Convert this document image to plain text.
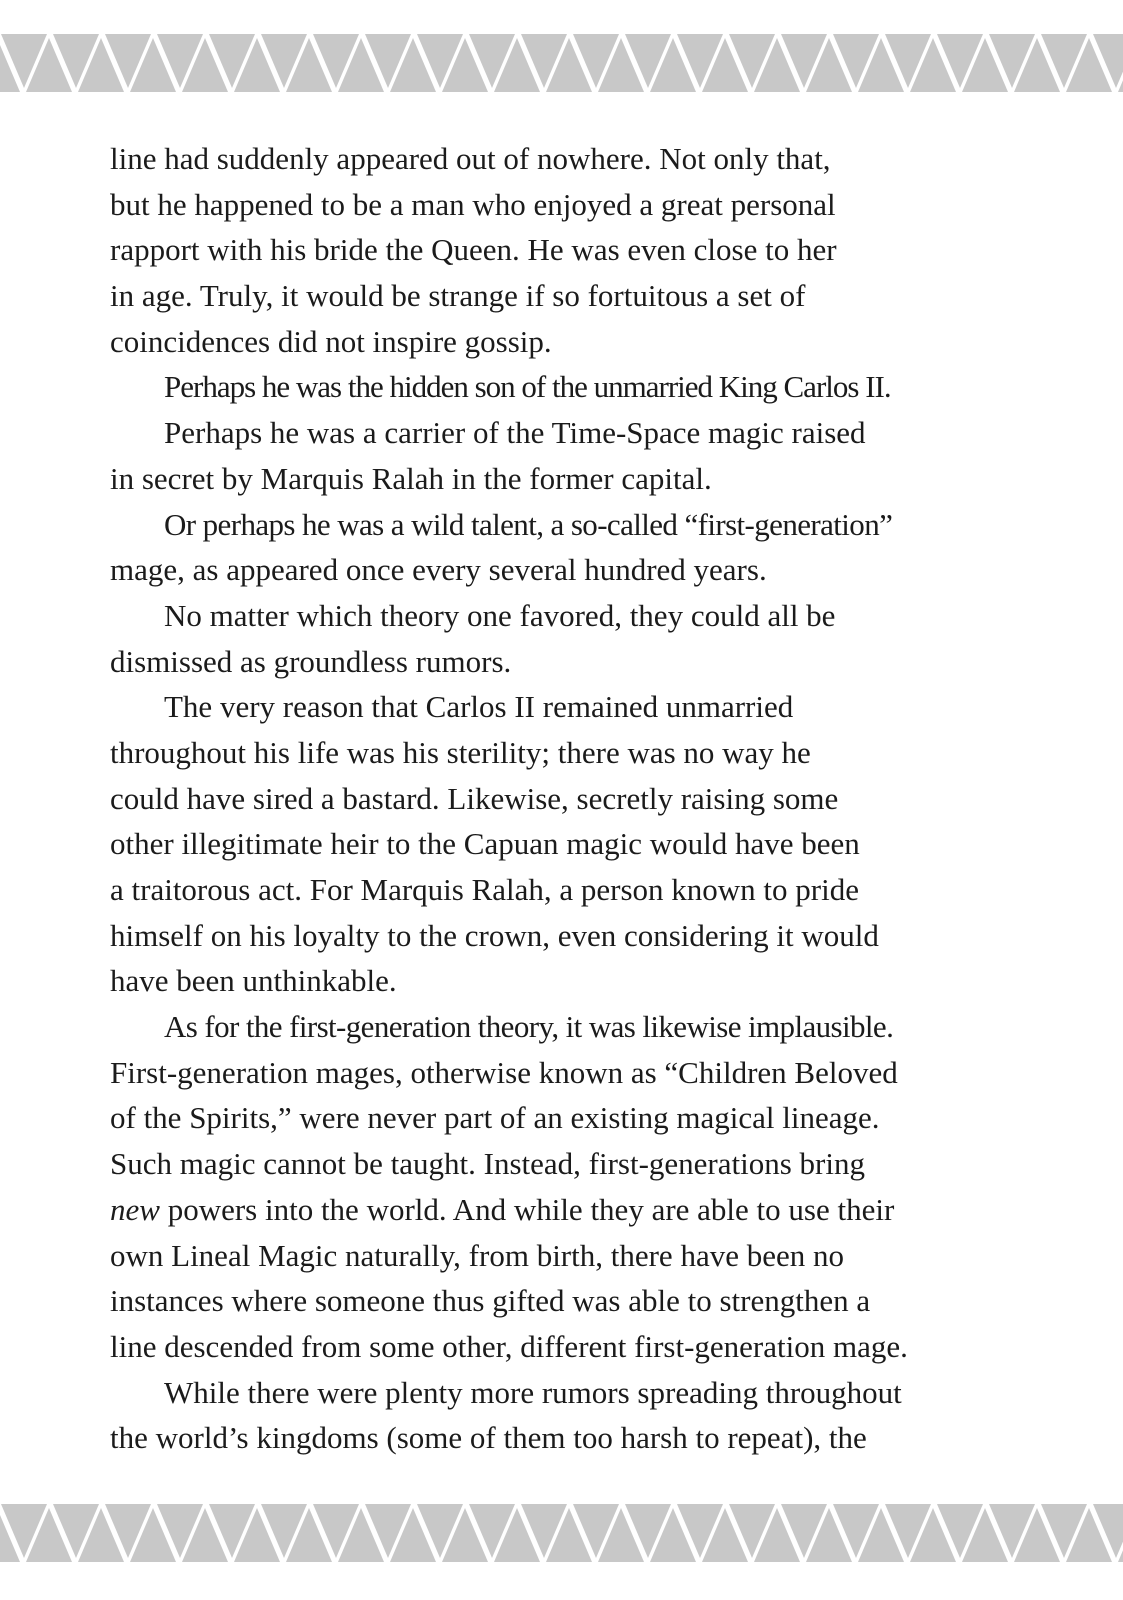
line had suddenly appeared out of nowhere. Not only that,
but he happened to be a man who enjoyed a great personal
rapport with his bride the Queen. He was even close to her
in age. Truly, it would be strange if so fortuitous a set of
coincidences did not inspire gossip.
Perhaps he was the hidden son of the unmarried King Carlos II.
Perhaps he was a carrier of the Time-Space magic raised
in secret by Marquis Ralah in the former capital.
Or perhaps he was a wild talent, a so-called “first-generation”
mage, as appeared once every several hundred years.
No matter which theory one favored, they could all be
dismissed as groundless rumors.
The very reason that Carlos II remained unmarried
throughout his life was his sterility; there was no way he
could have sired a bastard. Likewise, secretly raising some
other illegitimate heir to the Capuan magic would have been
a traitorous act. For Marquis Ralah, a person known to pride
himself on his loyalty to the crown, even considering it would
have been unthinkable.
As for the first-generation theory, it was likewise implausible.
First-generation mages, otherwise known as “Children Beloved
of the Spirits,” were never part of an existing magical lineage.
Such magic cannot be taught. Instead, first-generations bring
new powers into the world. And while they are able to use their
own Lineal Magic naturally, from birth, there have been no
instances where someone thus gifted was able to strengthen a
line descended from some other, different first-generation mage.
While there were plenty more rumors spreading throughout
the world’s kingdoms (some of them too harsh to repeat), the
